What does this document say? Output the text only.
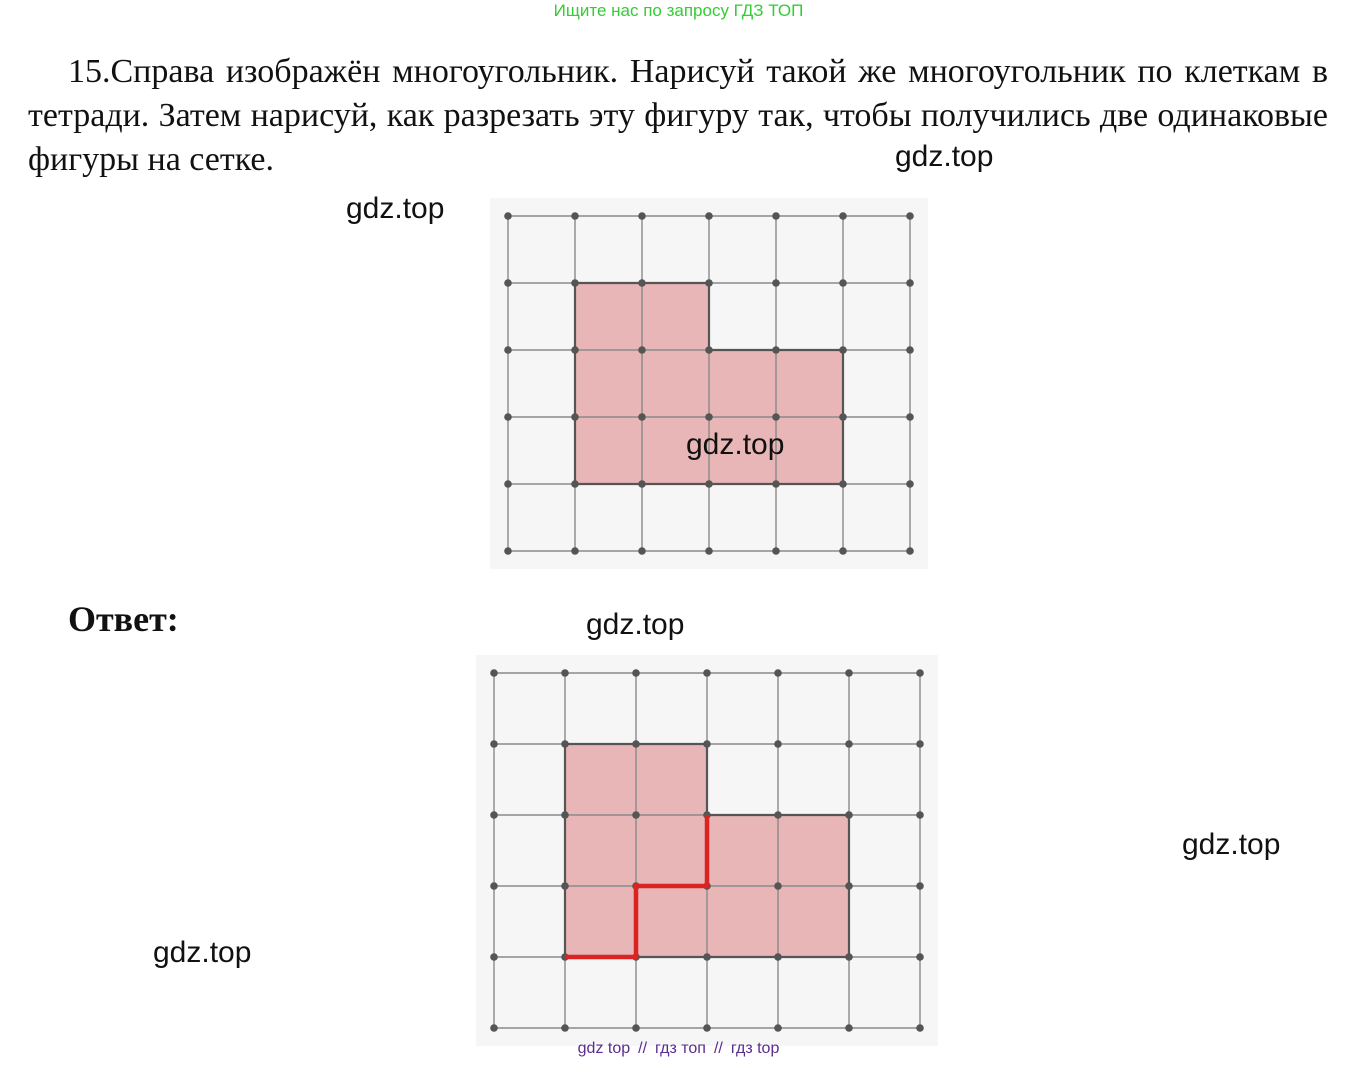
Ищите нас по запросу ГДЗ ТОП

15.Справа изображён многоугольник. Нарисуй такой же многоугольник по клеткам в тетради. Затем нарисуй, как разрезать эту фигуру так, чтобы получились две одинаковые фигуры на сетке.

Ответ:

gdz.top
gdz.top
gdz.top
gdz.top
gdz.top
gdz.top
gdz top // гдз топ // гдз top
